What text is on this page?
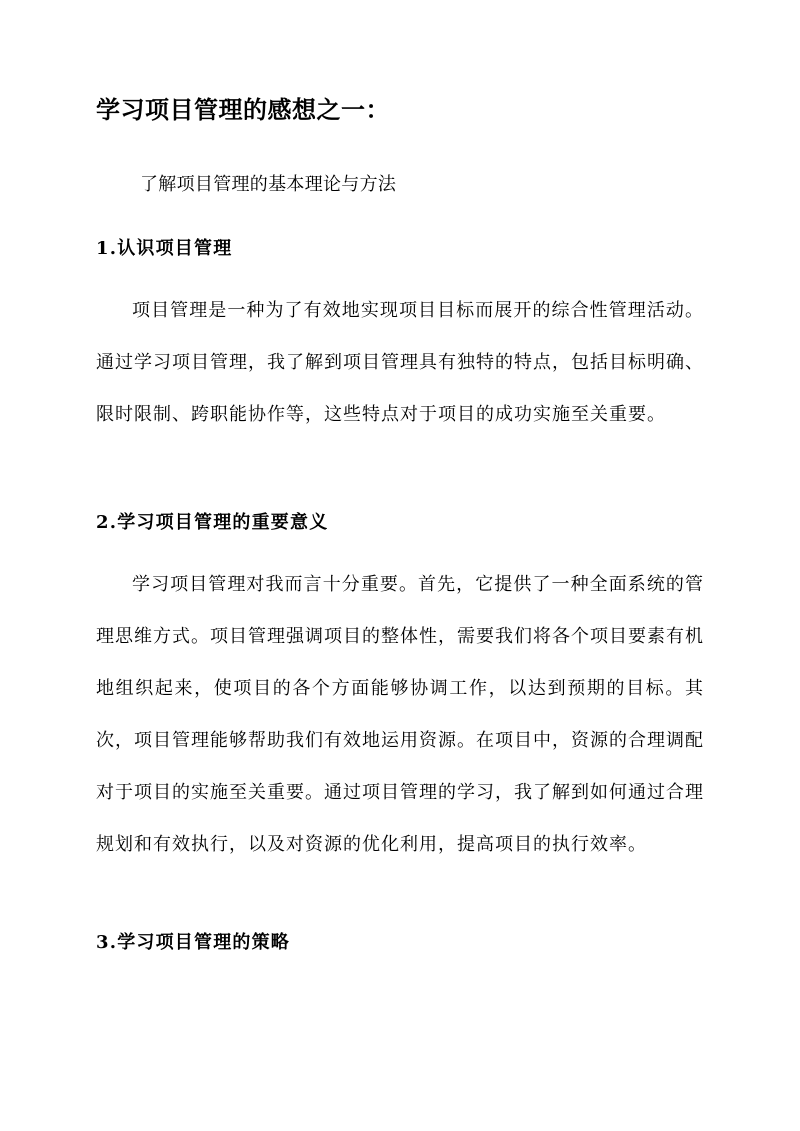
学习项目管理的感想之一：
了解项目管理的基本理论与方法
1.认识项目管理

项目管理是一种为了有效地实现项目目标而展开的综合性管理活动。通过学习项目管理，我了解到项目管理具有独特的特点，包括目标明确、限时限制、跨职能协作等，这些特点对于项目的成功实施至关重要。

2.学习项目管理的重要意义

学习项目管理对我而言十分重要。首先，它提供了一种全面系统的管理思维方式。项目管理强调项目的整体性，需要我们将各个项目要素有机地组织起来，使项目的各个方面能够协调工作，以达到预期的目标。其次，项目管理能够帮助我们有效地运用资源。在项目中，资源的合理调配对于项目的实施至关重要。通过项目管理的学习，我了解到如何通过合理规划和有效执行，以及对资源的优化利用，提高项目的执行效率。

3.学习项目管理的策略
